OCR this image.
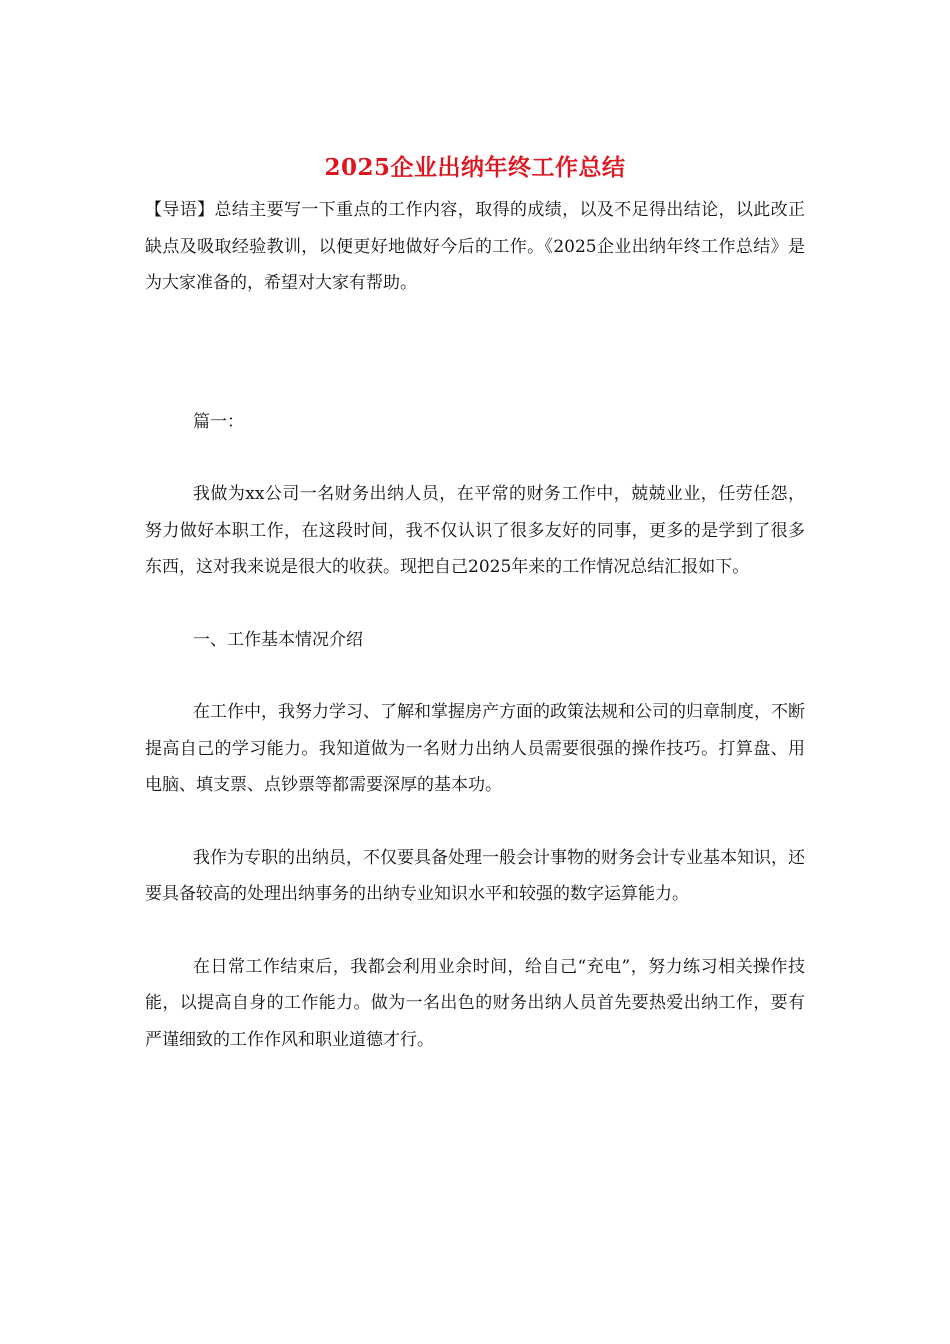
2025企业出纳年终工作总结

【导语】总结主要写一下重点的工作内容，取得的成绩，以及不足得出结论，以此改正缺点及吸取经验教训，以便更好地做好今后的工作。《2025企业出纳年终工作总结》是为大家准备的，希望对大家有帮助。

篇一：

我做为xx公司一名财务出纳人员，在平常的财务工作中，兢兢业业，任劳任怨，努力做好本职工作，在这段时间，我不仅认识了很多友好的同事，更多的是学到了很多东西，这对我来说是很大的收获。现把自己2025年来的工作情况总结汇报如下。

一、工作基本情况介绍

在工作中，我努力学习、了解和掌握房产方面的政策法规和公司的归章制度，不断提高自己的学习能力。我知道做为一名财力出纳人员需要很强的操作技巧。打算盘、用电脑、填支票、点钞票等都需要深厚的基本功。

我作为专职的出纳员，不仅要具备处理一般会计事物的财务会计专业基本知识，还要具备较高的处理出纳事务的出纳专业知识水平和较强的数字运算能力。

在日常工作结束后，我都会利用业余时间，给自己“充电”，努力练习相关操作技能，以提高自身的工作能力。做为一名出色的财务出纳人员首先要热爱出纳工作，要有严谨细致的工作作风和职业道德才行。
